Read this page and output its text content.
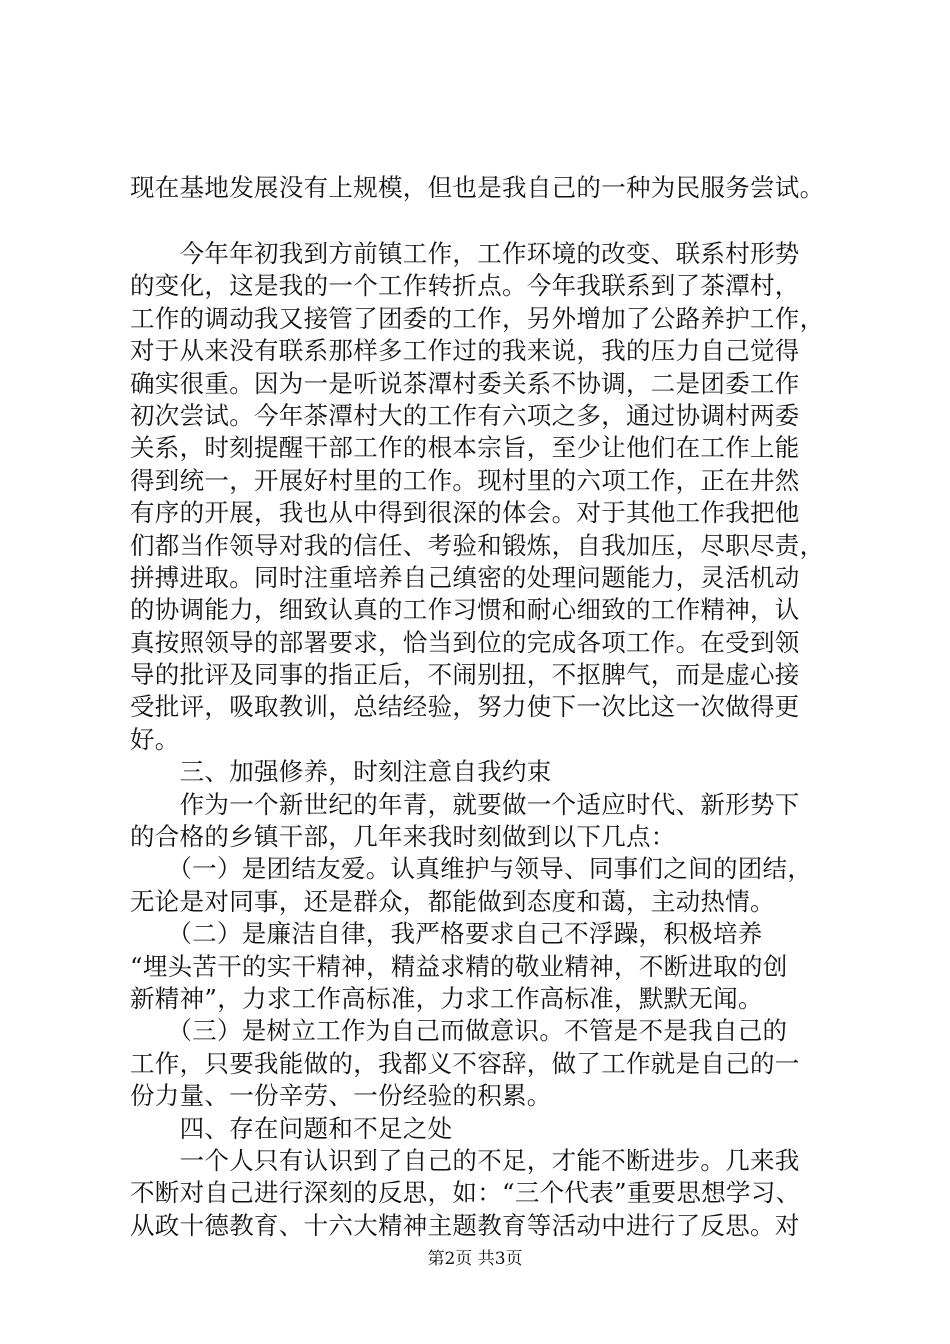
现在基地发展没有上规模，但也是我自己的一种为民服务尝试。
　　今年年初我到方前镇工作，工作环境的改变、联系村形势
的变化，这是我的一个工作转折点。今年我联系到了茶潭村，
工作的调动我又接管了团委的工作，另外增加了公路养护工作，
对于从来没有联系那样多工作过的我来说，我的压力自己觉得
确实很重。因为一是听说茶潭村委关系不协调，二是团委工作
初次尝试。今年茶潭村大的工作有六项之多，通过协调村两委
关系，时刻提醒干部工作的根本宗旨，至少让他们在工作上能
得到统一，开展好村里的工作。现村里的六项工作，正在井然
有序的开展，我也从中得到很深的体会。对于其他工作我把他
们都当作领导对我的信任、考验和锻炼，自我加压，尽职尽责，
拼搏进取。同时注重培养自己缜密的处理问题能力，灵活机动
的协调能力，细致认真的工作习惯和耐心细致的工作精神，认
真按照领导的部署要求，恰当到位的完成各项工作。在受到领
导的批评及同事的指正后，不闹别扭，不抠脾气，而是虚心接
受批评，吸取教训，总结经验，努力使下一次比这一次做得更
好。
　　三、加强修养，时刻注意自我约束
　　作为一个新世纪的年青，就要做一个适应时代、新形势下
的合格的乡镇干部，几年来我时刻做到以下几点：
　　（一）是团结友爱。认真维护与领导、同事们之间的团结，
无论是对同事，还是群众，都能做到态度和蔼，主动热情。
　　（二）是廉洁自律，我严格要求自己不浮躁，积极培养
“埋头苦干的实干精神，精益求精的敬业精神，不断进取的创
新精神”，力求工作高标准，力求工作高标准，默默无闻。
　　（三）是树立工作为自己而做意识。不管是不是我自己的
工作，只要我能做的，我都义不容辞，做了工作就是自己的一
份力量、一份辛劳、一份经验的积累。
　　四、存在问题和不足之处
　　一个人只有认识到了自己的不足，才能不断进步。几来我
不断对自己进行深刻的反思，如：“三个代表”重要思想学习、
从政十德教育、十六大精神主题教育等活动中进行了反思。对
第2页 共3页
